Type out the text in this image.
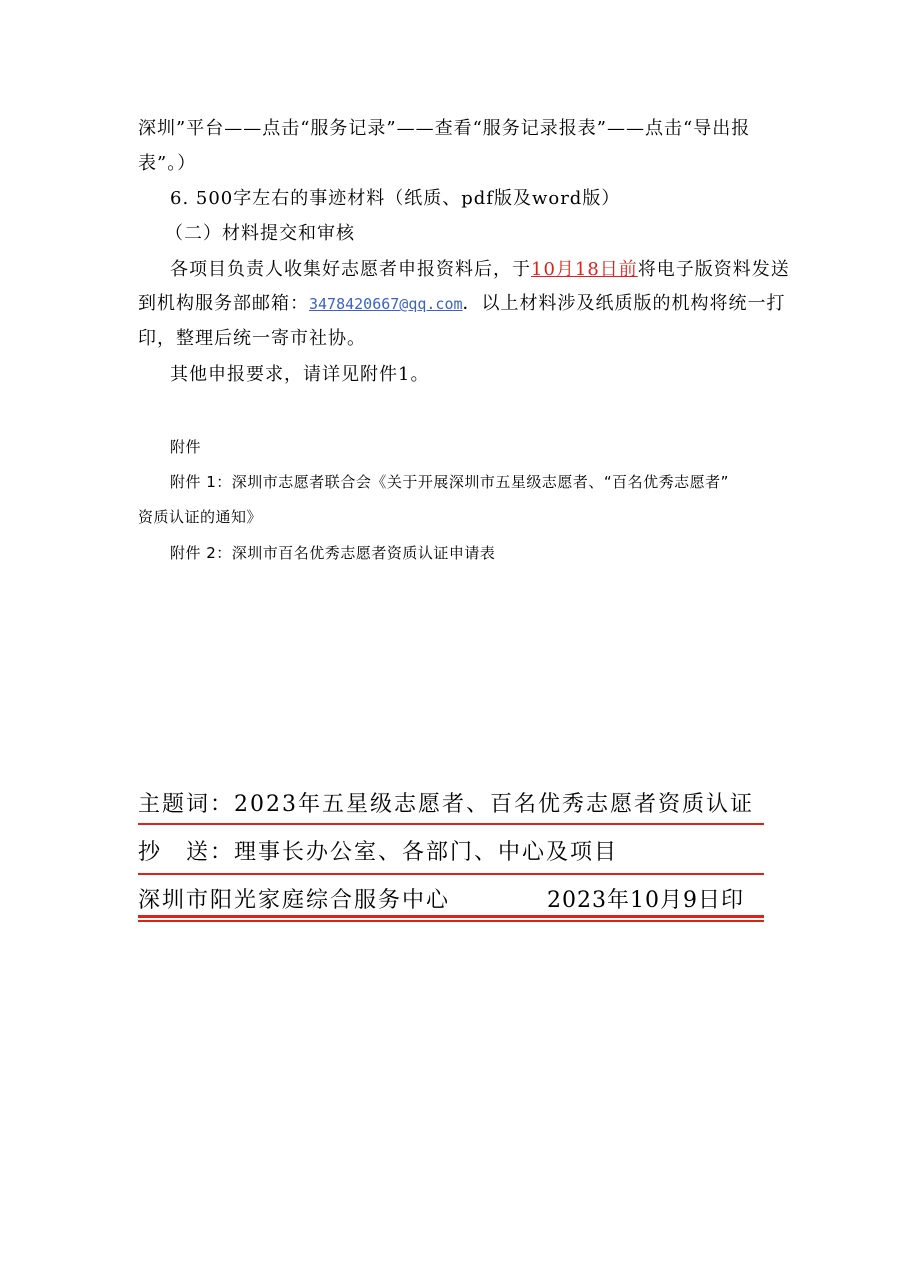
深圳”平台——点击“服务记录”——查看“服务记录报表”——点击“导出报
表”。）
6. 500字左右的事迹材料（纸质、pdf版及word版）
（二）材料提交和审核
各项目负责人收集好志愿者申报资料后，于10月18日前将电子版资料发送
到机构服务部邮箱：3478420667@qq.com．以上材料涉及纸质版的机构将统一打
印，整理后统一寄市社协。
其他申报要求，请详见附件1。
附件
附件 1：深圳市志愿者联合会《关于开展深圳市五星级志愿者、“百名优秀志愿者”
资质认证的通知》
附件 2：深圳市百名优秀志愿者资质认证申请表
主题词：2023年五星级志愿者、百名优秀志愿者资质认证
抄　送：理事长办公室、各部门、中心及项目
深圳市阳光家庭综合服务中心	2023年10月9日印
